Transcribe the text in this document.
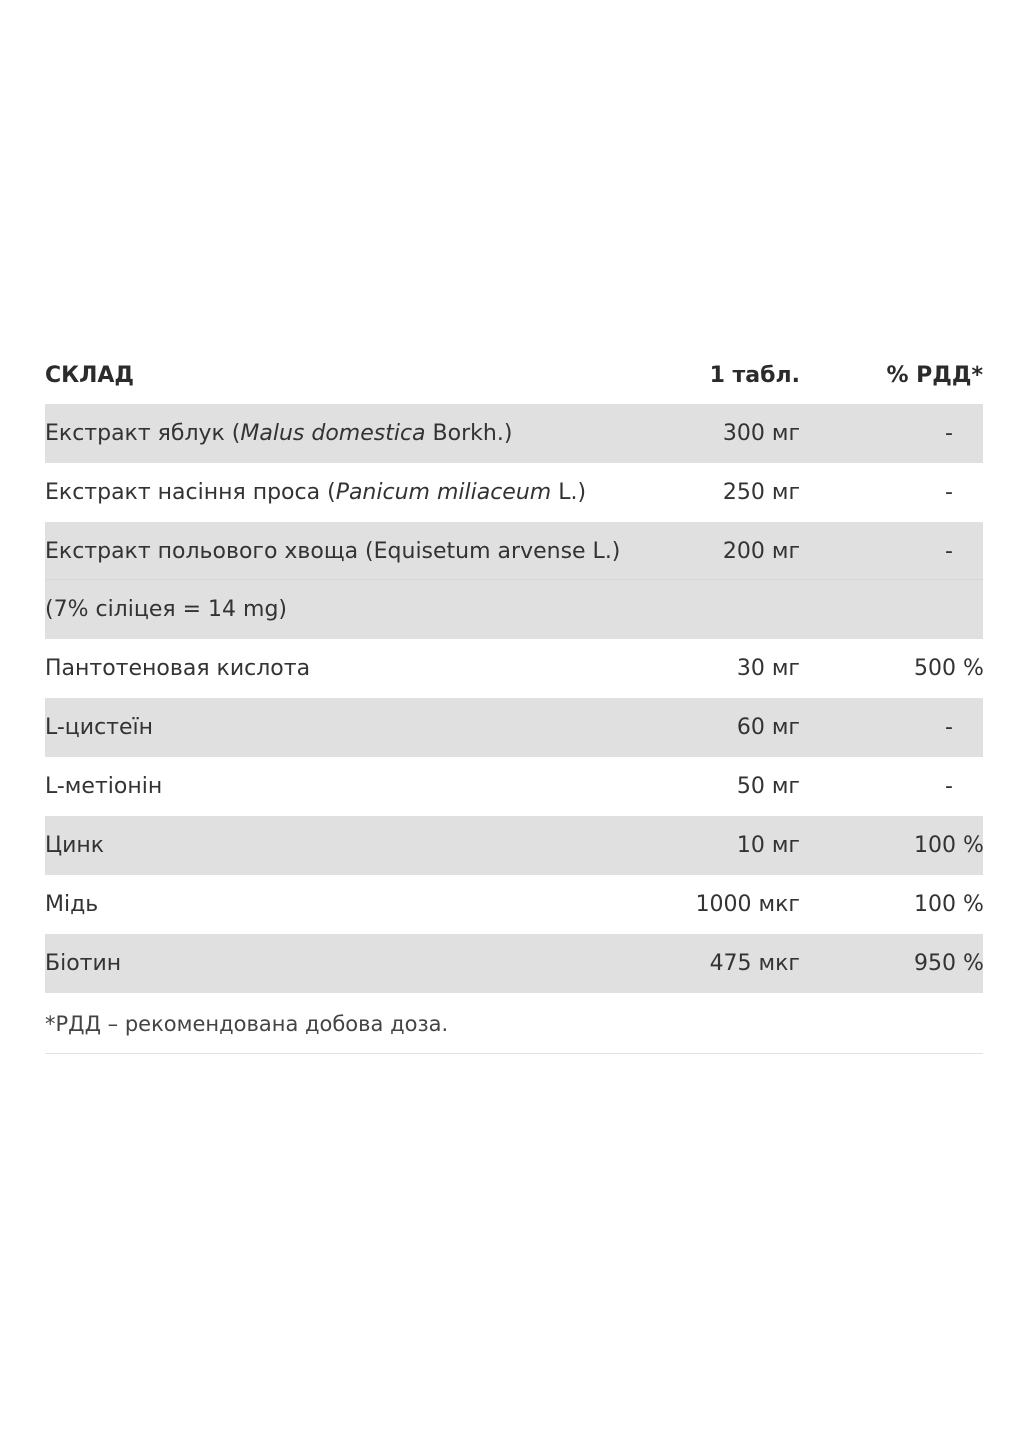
СКЛАД	1 табл.	% РДД*
Екстракт яблук (Malus domestica Borkh.)	300 мг	-
Екстракт насіння проса (Panicum miliaceum L.)	250 мг	-
Екстракт польового хвоща (Equisetum arvense L.)	200 мг	-
(7% сіліцея = 14 mg)
Пантотеновая кислота	30 мг	500 %
L-цистеїн	60 мг	-
L-метіонін	50 мг	-
Цинк	10 мг	100 %
Мідь	1000 мкг	100 %
Біотин	475 мкг	950 %
*РДД – рекомендована добова доза.
